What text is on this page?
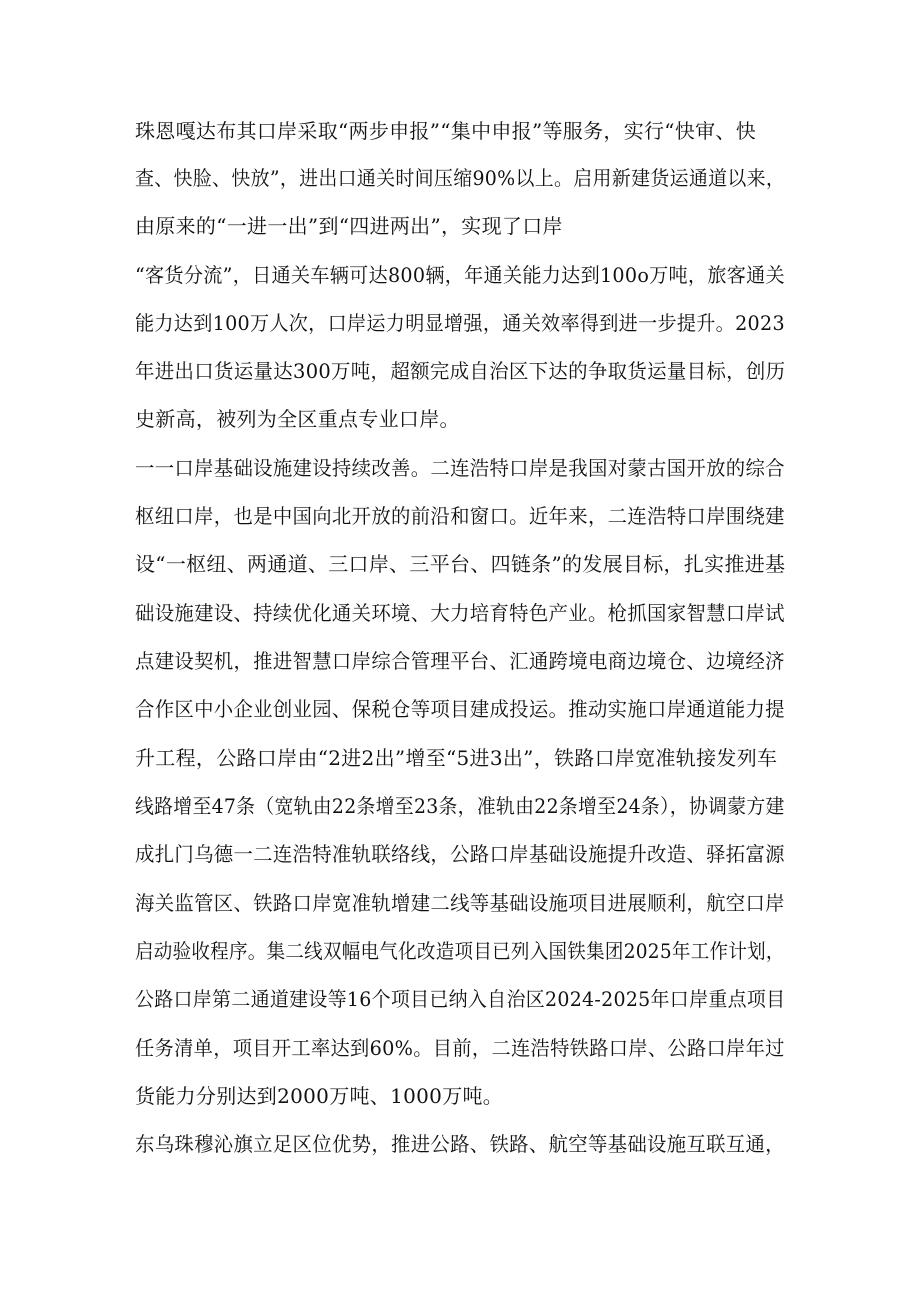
珠恩嘎达布其口岸采取“两步申报”“集中申报”等服务，实行“快审、快
查、快脸、快放”，进出口通关时间压缩90%以上。启用新建货运通道以来，
由原来的“一进一出”到“四进两出”，实现了口岸
“客货分流”，日通关车辆可达800辆，年通关能力达到100o万吨，旅客通关
能力达到100万人次，口岸运力明显增强，通关效率得到进一步提升。2023
年进出口货运量达300万吨，超额完成自治区下达的争取货运量目标，创历
史新高，被列为全区重点专业口岸。
一一口岸基础设施建设持续改善。二连浩特口岸是我国对蒙古国开放的综合
枢纽口岸，也是中国向北开放的前沿和窗口。近年来，二连浩特口岸围绕建
设“一枢纽、两通道、三口岸、三平台、四链条”的发展目标，扎实推进基
础设施建设、持续优化通关环境、大力培育特色产业。枪抓国家智慧口岸试
点建设契机，推进智慧口岸综合管理平台、汇通跨境电商边境仓、边境经济
合作区中小企业创业园、保税仓等项目建成投运。推动实施口岸通道能力提
升工程，公路口岸由“2进2出”增至“5进3出”，铁路口岸宽准轨接发列车
线路增至47条（宽轨由22条增至23条，准轨由22条增至24条），协调蒙方建
成扎门乌德一二连浩特准轨联络线，公路口岸基础设施提升改造、驿拓富源
海关监管区、铁路口岸宽准轨增建二线等基础设施项目进展顺利，航空口岸
启动验收程序。集二线双幅电气化改造项目已列入国铁集团2025年工作计划，
公路口岸第二通道建设等16个项目已纳入自治区2024-2025年口岸重点项目
任务清单，项目开工率达到60%。目前，二连浩特铁路口岸、公路口岸年过
货能力分别达到2000万吨、1000万吨。
东乌珠穆沁旗立足区位优势，推进公路、铁路、航空等基础设施互联互通，
